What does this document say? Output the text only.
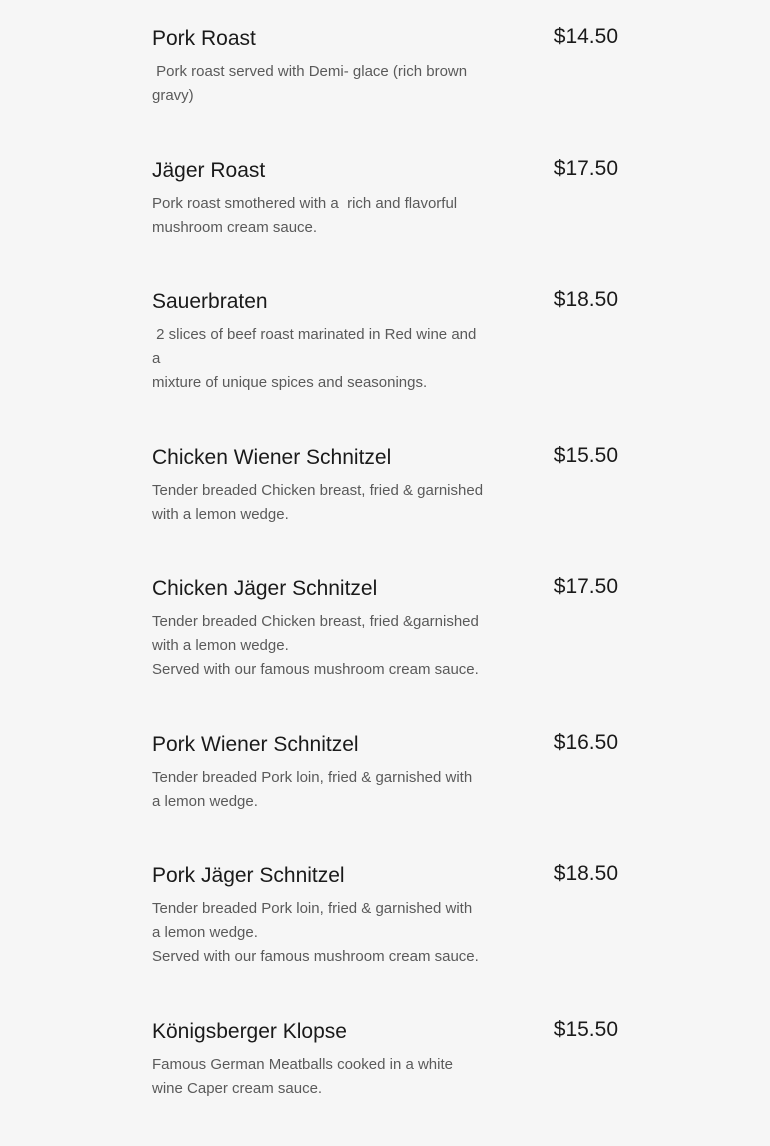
Pork Roast	$14.50
Pork roast served with Demi- glace (rich brown
gravy)
Jäger Roast	$17.50
Pork roast smothered with a  rich and flavorful
mushroom cream sauce.
Sauerbraten	$18.50
2 slices of beef roast marinated in Red wine and
a
mixture of unique spices and seasonings.
Chicken Wiener Schnitzel	$15.50
Tender breaded Chicken breast, fried & garnished
with a lemon wedge.
Chicken Jäger Schnitzel	$17.50
Tender breaded Chicken breast, fried &garnished
with a lemon wedge.
Served with our famous mushroom cream sauce.
Pork Wiener Schnitzel	$16.50
Tender breaded Pork loin, fried & garnished with
a lemon wedge.
Pork Jäger Schnitzel	$18.50
Tender breaded Pork loin, fried & garnished with
a lemon wedge.
Served with our famous mushroom cream sauce.
Königsberger Klopse	$15.50
Famous German Meatballs cooked in a white
wine Caper cream sauce.
